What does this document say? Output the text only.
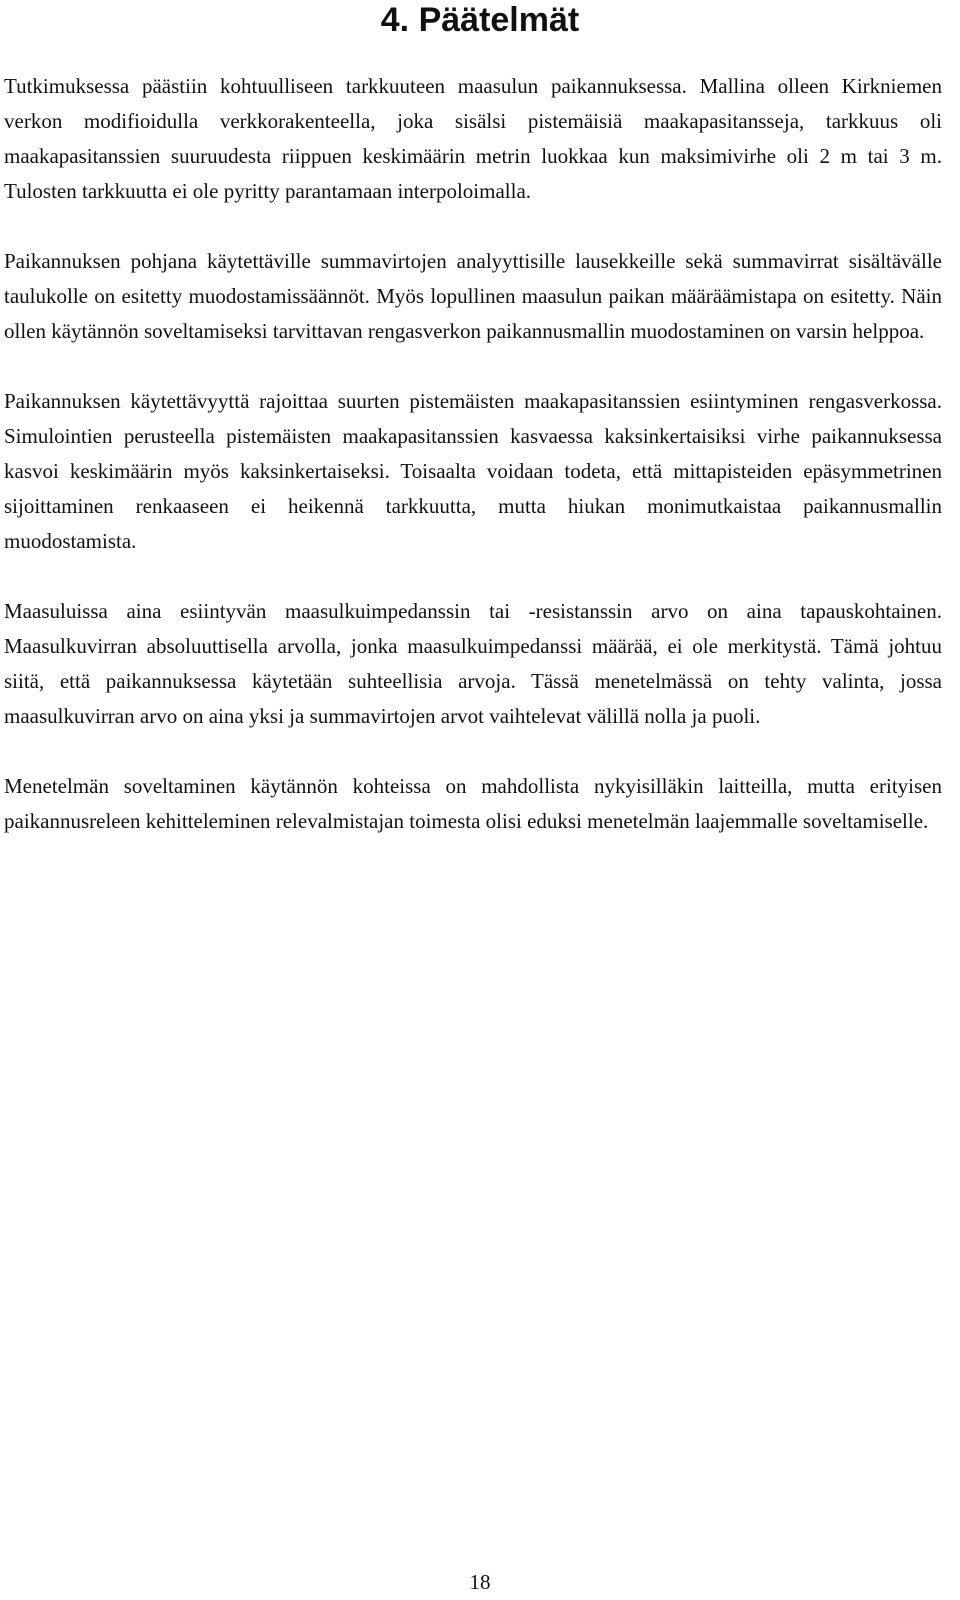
4. Päätelmät

Tutkimuksessa päästiin kohtuulliseen tarkkuuteen maasulun paikannuksessa. Mallina olleen Kirkniemen verkon modifioidulla verkkorakenteella, joka sisälsi pistemäisiä maakapasitansseja, tarkkuus oli maakapasitanssien suuruudesta riippuen keskimäärin metrin luokkaa kun maksimivirhe oli 2 m tai 3 m. Tulosten tarkkuutta ei ole pyritty parantamaan interpoloimalla.

Paikannuksen pohjana käytettäville summavirtojen analyyttisille lausekkeille sekä summavirrat sisältävälle taulukolle on esitetty muodostamissäännöt. Myös lopullinen maasulun paikan määräämistapa on esitetty. Näin ollen käytännön soveltamiseksi tarvittavan rengasverkon paikannusmallin muodostaminen on varsin helppoa.

Paikannuksen käytettävyyttä rajoittaa suurten pistemäisten maakapasitanssien esiintyminen rengasverkossa. Simulointien perusteella pistemäisten maakapasitanssien kasvaessa kaksinkertaisiksi virhe paikannuksessa kasvoi keskimäärin myös kaksinkertaiseksi. Toisaalta voidaan todeta, että mittapisteiden epäsymmetrinen sijoittaminen renkaaseen ei heikennä tarkkuutta, mutta hiukan monimutkaistaa paikannusmallin muodostamista.

Maasuluissa aina esiintyvän maasulkuimpedanssin tai -resistanssin arvo on aina tapauskohtainen. Maasulkuvirran absoluuttisella arvolla, jonka maasulkuimpedanssi määrää, ei ole merkitystä. Tämä johtuu siitä, että paikannuksessa käytetään suhteellisia arvoja. Tässä menetelmässä on tehty valinta, jossa maasulkuvirran arvo on aina yksi ja summavirtojen arvot vaihtelevat välillä nolla ja puoli.

Menetelmän soveltaminen käytännön kohteissa on mahdollista nykyisilläkin laitteilla, mutta erityisen paikannusreleen kehitteleminen relevalmistajan toimesta olisi eduksi menetelmän laajemmalle soveltamiselle.

18
